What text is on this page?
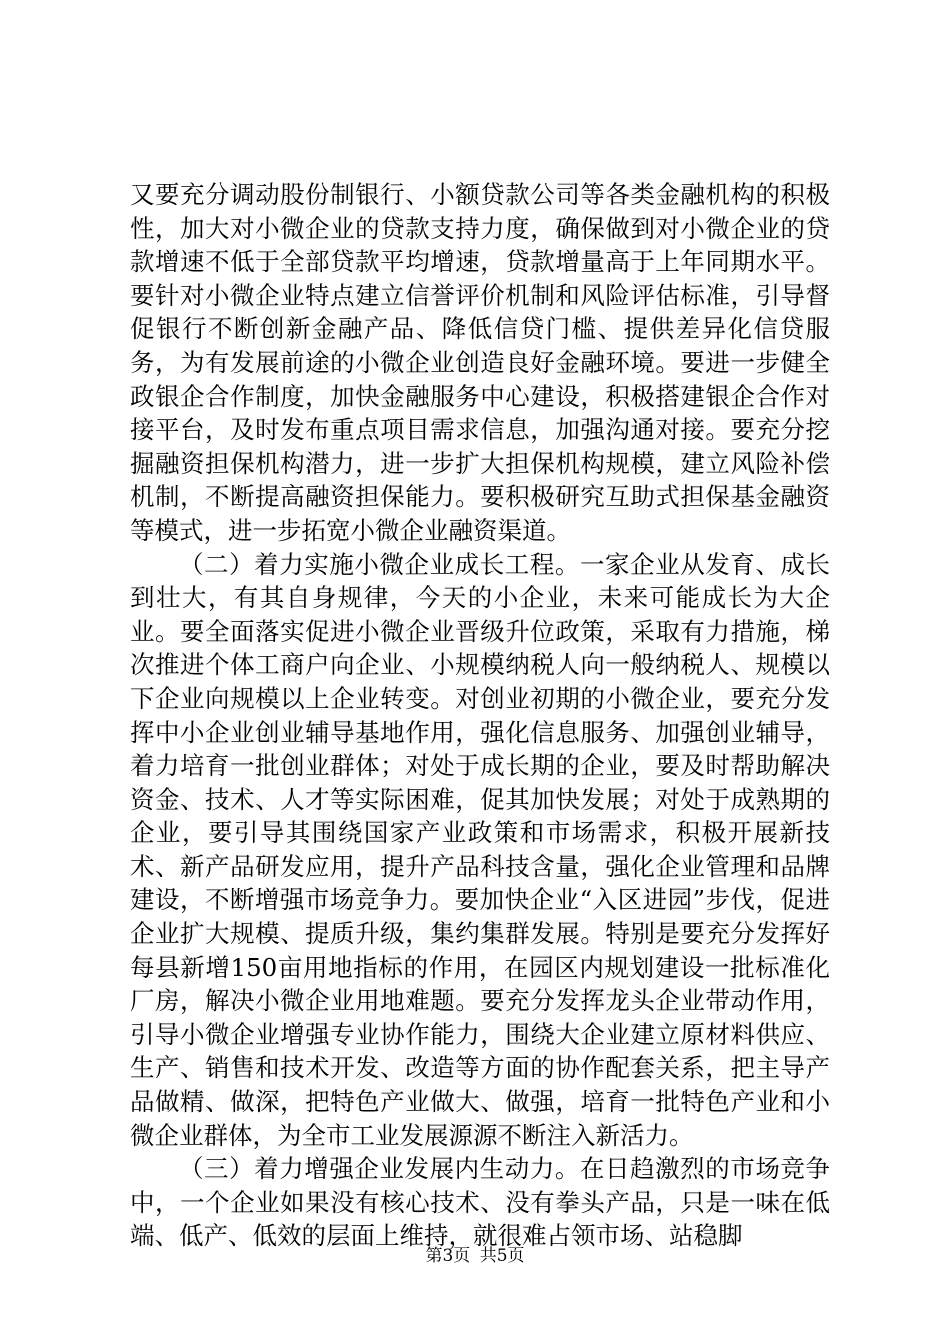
又要充分调动股份制银行、小额贷款公司等各类金融机构的积极性，加大对小微企业的贷款支持力度，确保做到对小微企业的贷款增速不低于全部贷款平均增速，贷款增量高于上年同期水平。要针对小微企业特点建立信誉评价机制和风险评估标准，引导督促银行不断创新金融产品、降低信贷门槛、提供差异化信贷服务，为有发展前途的小微企业创造良好金融环境。要进一步健全政银企合作制度，加快金融服务中心建设，积极搭建银企合作对接平台，及时发布重点项目需求信息，加强沟通对接。要充分挖掘融资担保机构潜力，进一步扩大担保机构规模，建立风险补偿机制，不断提高融资担保能力。要积极研究互助式担保基金融资等模式，进一步拓宽小微企业融资渠道。

（二）着力实施小微企业成长工程。一家企业从发育、成长到壮大，有其自身规律，今天的小企业，未来可能成长为大企业。要全面落实促进小微企业晋级升位政策，采取有力措施，梯次推进个体工商户向企业、小规模纳税人向一般纳税人、规模以下企业向规模以上企业转变。对创业初期的小微企业，要充分发挥中小企业创业辅导基地作用，强化信息服务、加强创业辅导，着力培育一批创业群体；对处于成长期的企业，要及时帮助解决资金、技术、人才等实际困难，促其加快发展；对处于成熟期的企业，要引导其围绕国家产业政策和市场需求，积极开展新技术、新产品研发应用，提升产品科技含量，强化企业管理和品牌建设，不断增强市场竞争力。要加快企业“入区进园”步伐，促进企业扩大规模、提质升级，集约集群发展。特别是要充分发挥好每县新增150亩用地指标的作用，在园区内规划建设一批标准化厂房，解决小微企业用地难题。要充分发挥龙头企业带动作用，引导小微企业增强专业协作能力，围绕大企业建立原材料供应、生产、销售和技术开发、改造等方面的协作配套关系，把主导产品做精、做深，把特色产业做大、做强，培育一批特色产业和小微企业群体，为全市工业发展源源不断注入新活力。

（三）着力增强企业发展内生动力。在日趋激烈的市场竞争中，一个企业如果没有核心技术、没有拳头产品，只是一味在低端、低产、低效的层面上维持，就很难占领市场、站稳脚

第3页 共5页
